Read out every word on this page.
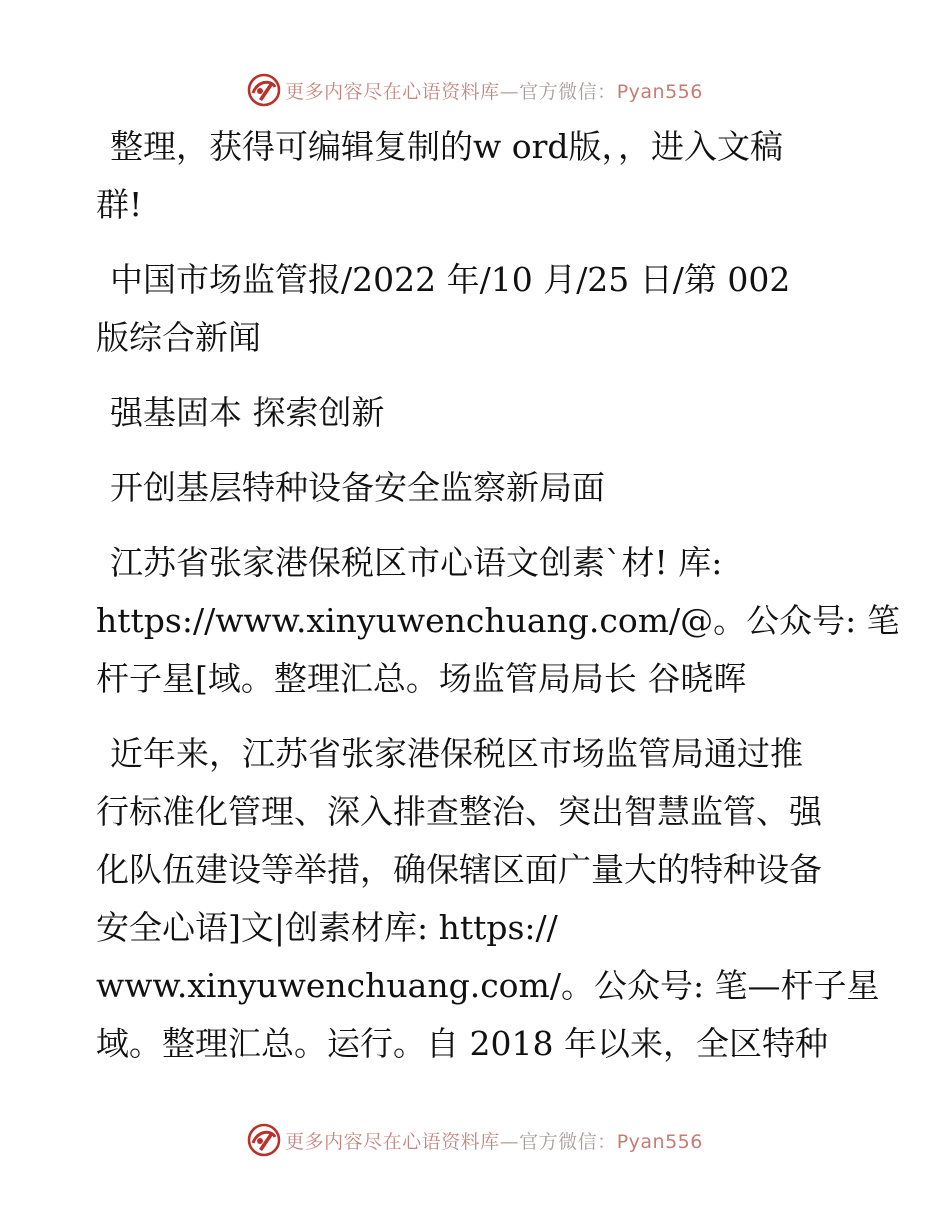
更多内容尽在心语资料库—官方微信：Pyan556

整理，获得可编辑复制的w ord版，，进入文稿
群!

中国市场监管报/2022 年/10 月/25 日/第 002
版综合新闻

强基固本 探索创新

开创基层特种设备安全监察新局面

江苏省张家港保税区市心语文创素`材! 库:
https://www.xinyuwenchuang.com/@。公众号: 笔
杆子星[域。整理汇总。场监管局局长 谷晓晖

近年来，江苏省张家港保税区市场监管局通过推
行标准化管理、深入排查整治、突出智慧监管、强
化队伍建设等举措，确保辖区面广量大的特种设备
安全心语]文|创素材库: https://
www.xinyuwenchuang.com/。公众号: 笔—杆子星
域。整理汇总。运行。自 2018 年以来，全区特种

更多内容尽在心语资料库—官方微信：Pyan556
